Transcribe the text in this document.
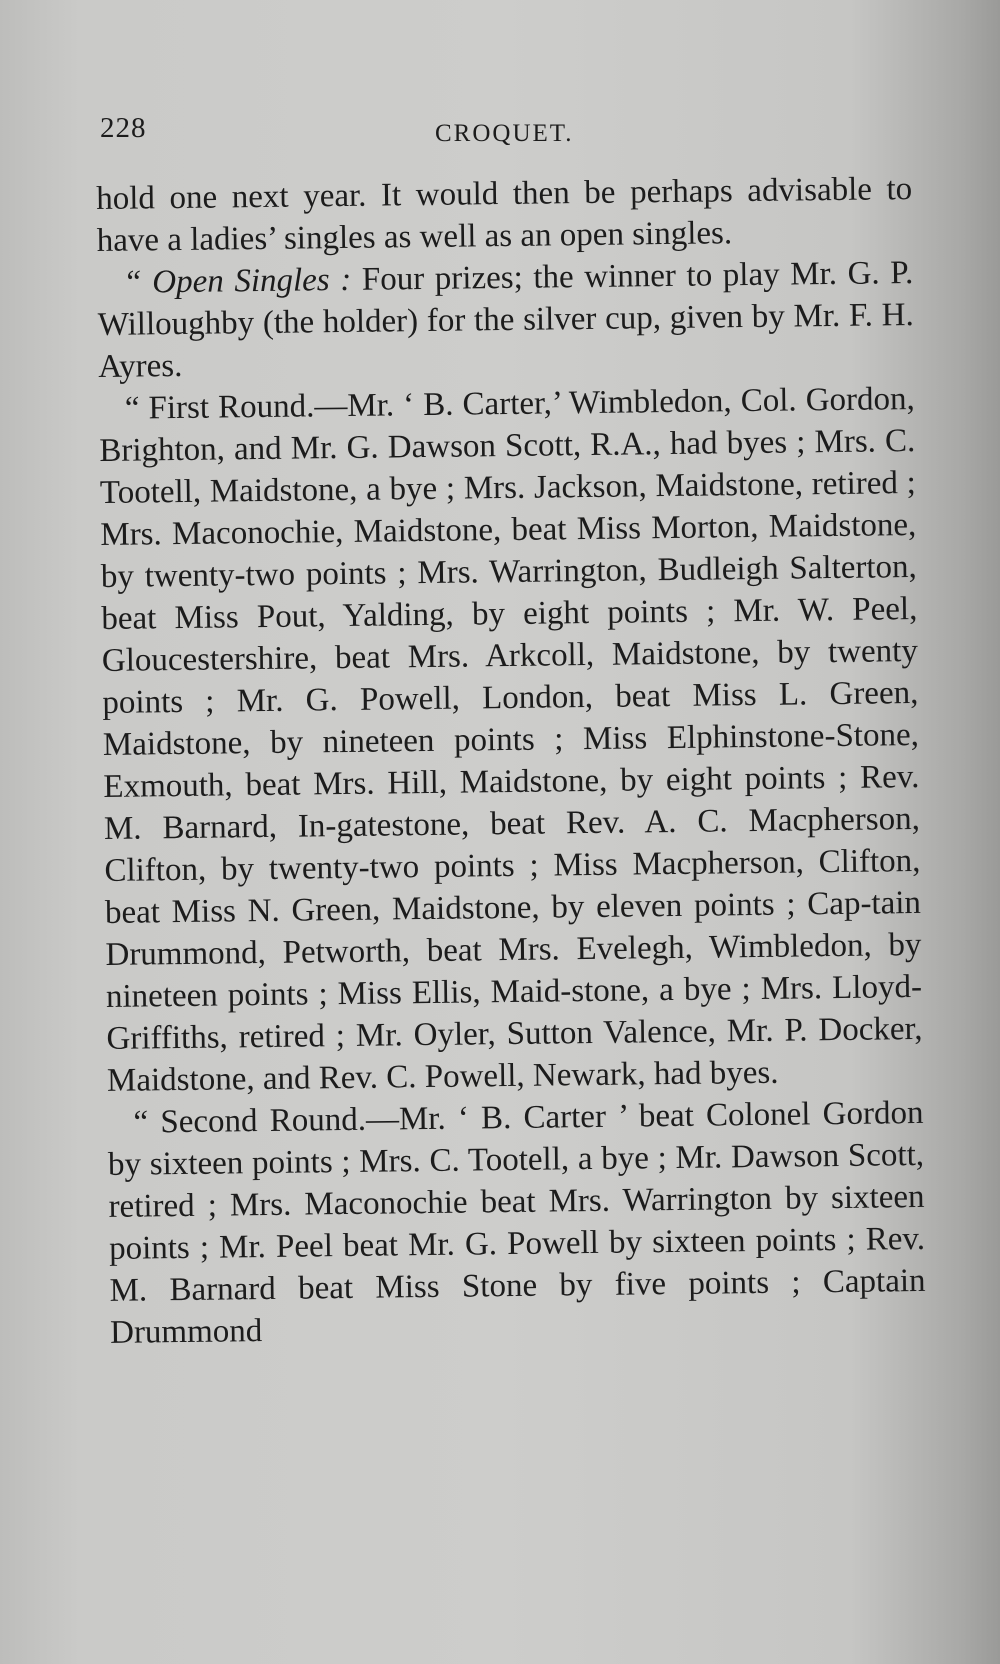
228	CROQUET.

hold one next year. It would then be perhaps advisable to have a ladies’ singles as well as an open singles.

“ Open Singles : Four prizes; the winner to play Mr. G. P. Willoughby (the holder) for the silver cup, given by Mr. F. H. Ayres.

“ First Round.—Mr. ‘ B. Carter,’ Wimbledon, Col. Gordon, Brighton, and Mr. G. Dawson Scott, R.A., had byes ; Mrs. C. Tootell, Maidstone, a bye ; Mrs. Jackson, Maidstone, retired ; Mrs. Maconochie, Maidstone, beat Miss Morton, Maidstone, by twenty-two points ; Mrs. Warrington, Budleigh Salterton, beat Miss Pout, Yalding, by eight points ; Mr. W. Peel, Gloucestershire, beat Mrs. Arkcoll, Maidstone, by twenty points ; Mr. G. Powell, London, beat Miss L. Green, Maidstone, by nineteen points ; Miss Elphinstone-Stone, Exmouth, beat Mrs. Hill, Maidstone, by eight points ; Rev. M. Barnard, In-gatestone, beat Rev. A. C. Macpherson, Clifton, by twenty-two points ; Miss Macpherson, Clifton, beat Miss N. Green, Maidstone, by eleven points ; Cap-tain Drummond, Petworth, beat Mrs. Evelegh, Wimbledon, by nineteen points ; Miss Ellis, Maid-stone, a bye ; Mrs. Lloyd-Griffiths, retired ; Mr. Oyler, Sutton Valence, Mr. P. Docker, Maidstone, and Rev. C. Powell, Newark, had byes.

“ Second Round.—Mr. ‘ B. Carter ’ beat Colonel Gordon by sixteen points ; Mrs. C. Tootell, a bye ; Mr. Dawson Scott, retired ; Mrs. Maconochie beat Mrs. Warrington by sixteen points ; Mr. Peel beat Mr. G. Powell by sixteen points ; Rev. M. Barnard beat Miss Stone by five points ; Captain Drummond
